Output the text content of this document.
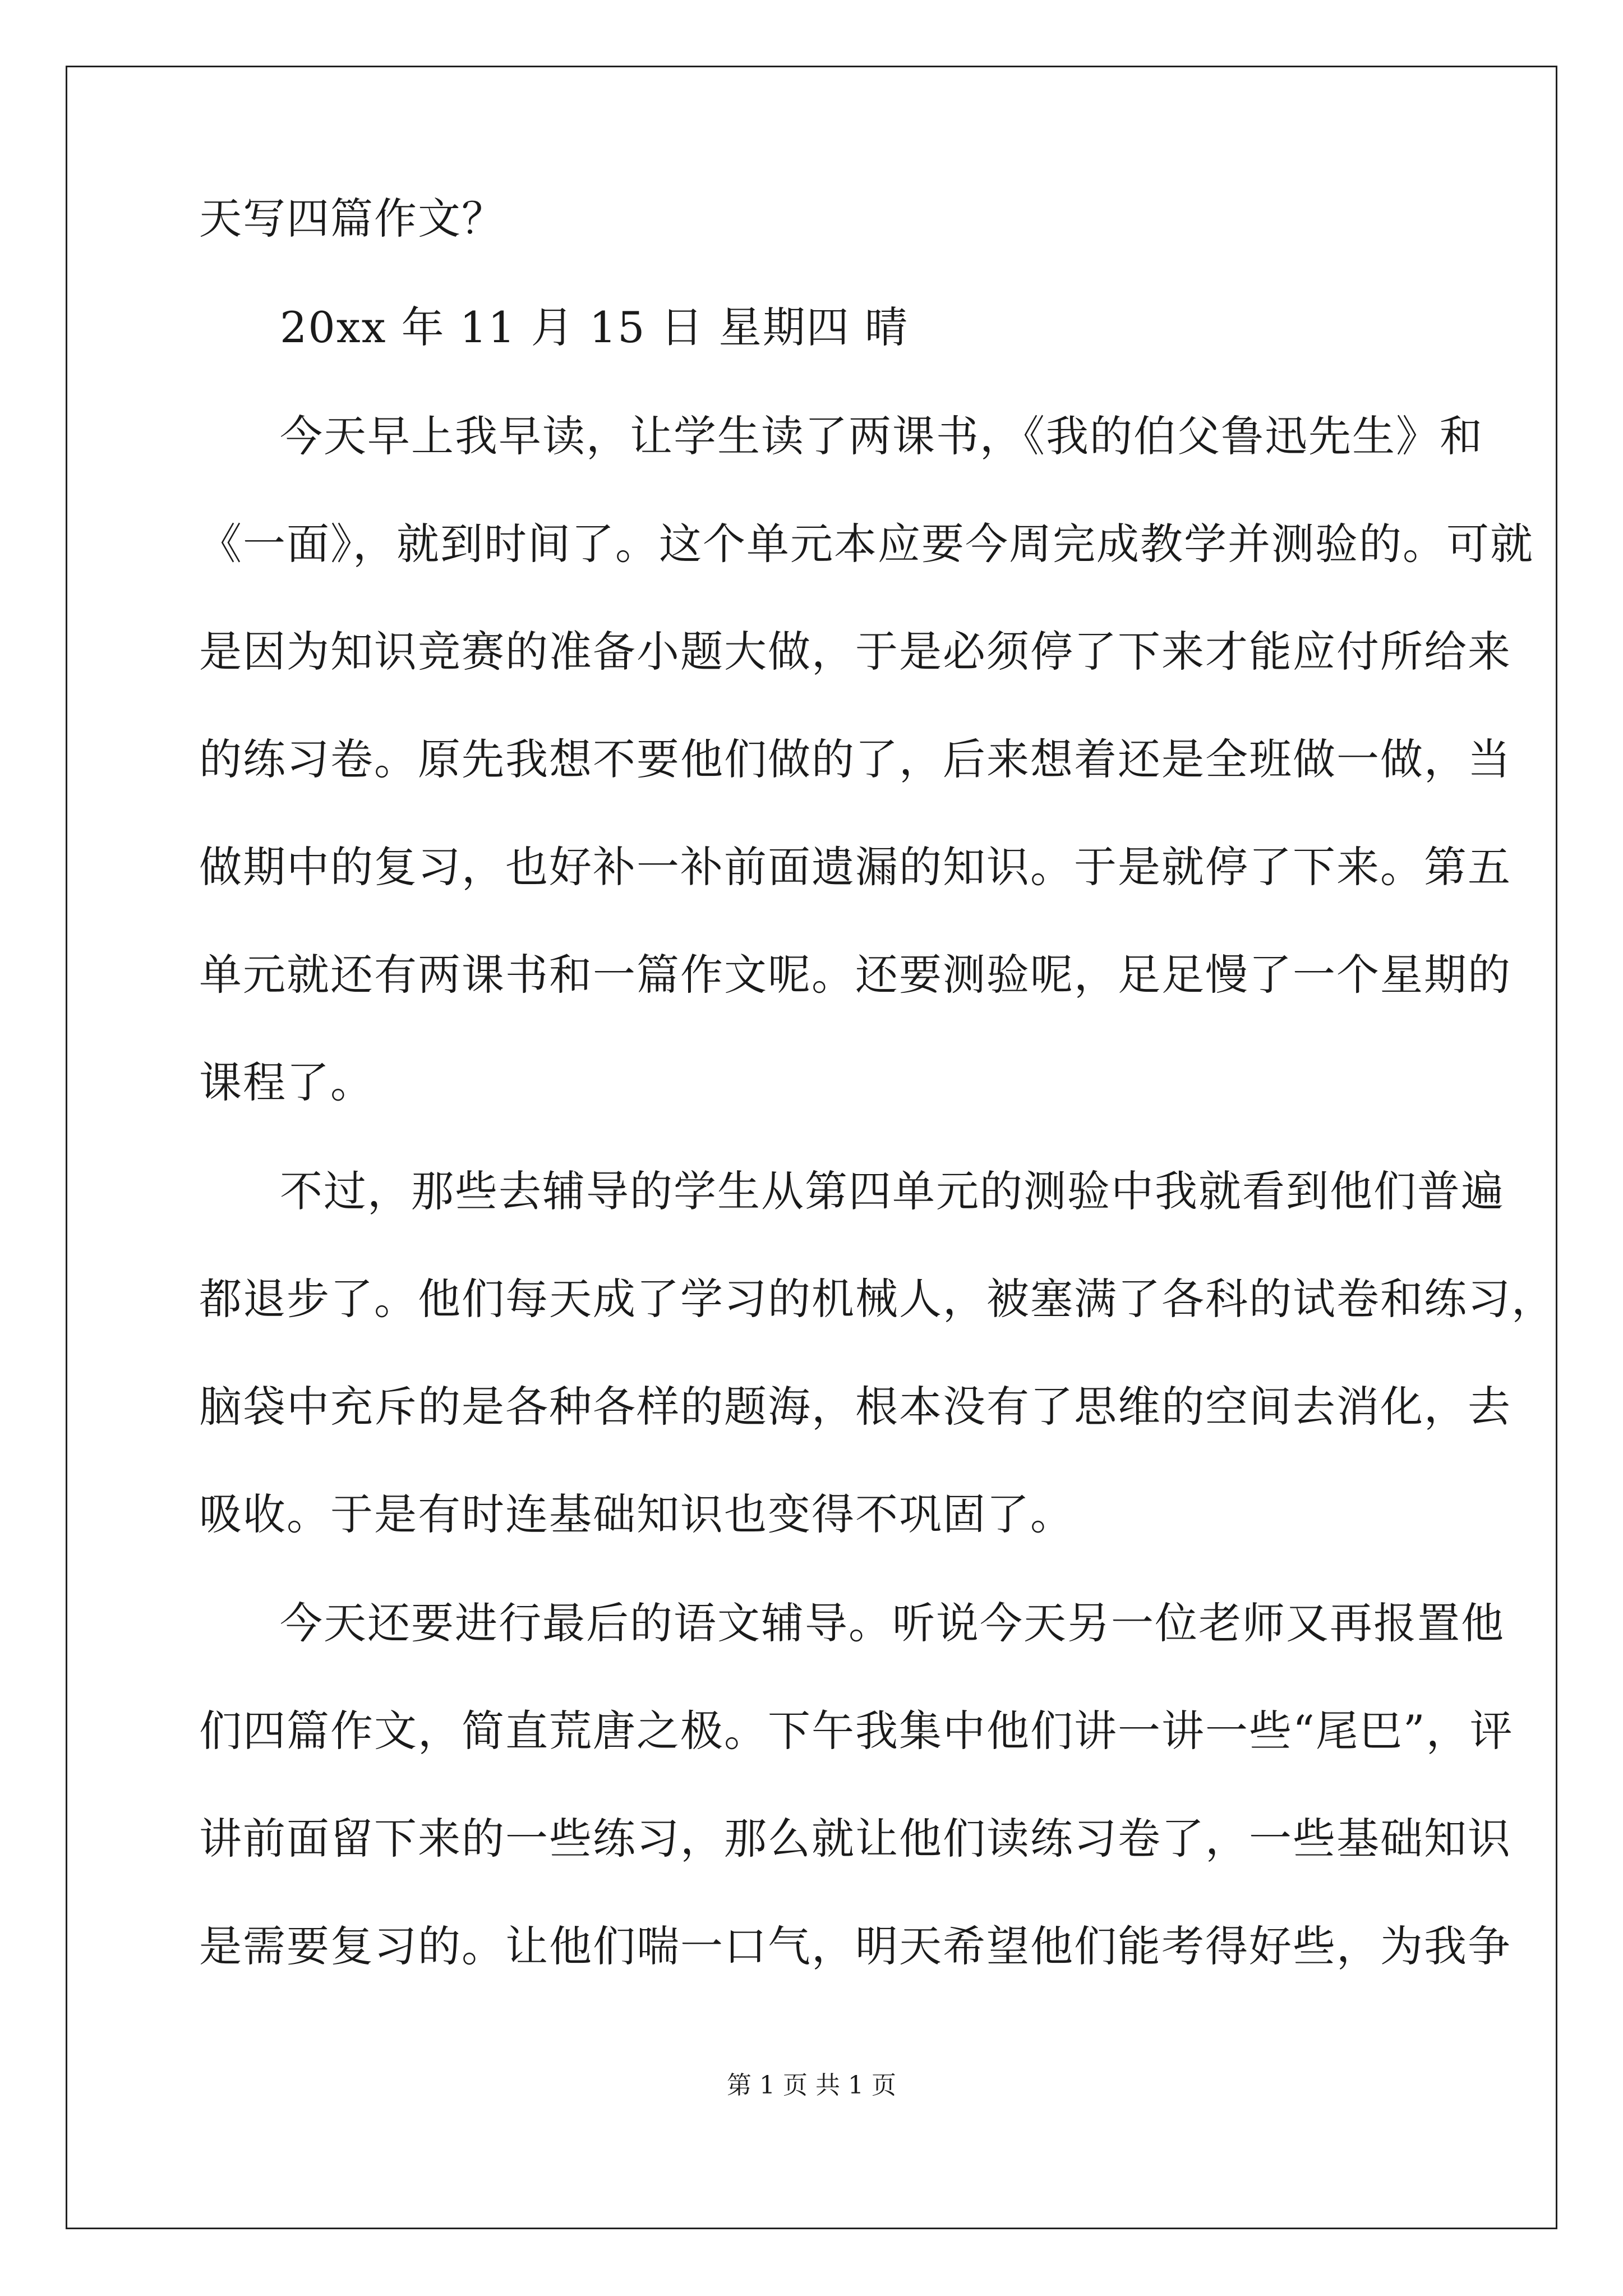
天写四篇作文？
20xx 年 11 月 15 日 星期四 晴
今天早上我早读，让学生读了两课书，《我的伯父鲁迅先生》和
《一面》，就到时间了。这个单元本应要今周完成教学并测验的。可就
是因为知识竞赛的准备小题大做，于是必须停了下来才能应付所给来
的练习卷。原先我想不要他们做的了，后来想着还是全班做一做，当
做期中的复习，也好补一补前面遗漏的知识。于是就停了下来。第五
单元就还有两课书和一篇作文呢。还要测验呢，足足慢了一个星期的
课程了。
不过，那些去辅导的学生从第四单元的测验中我就看到他们普遍
都退步了。他们每天成了学习的机械人，被塞满了各科的试卷和练习，
脑袋中充斥的是各种各样的题海，根本没有了思维的空间去消化，去
吸收。于是有时连基础知识也变得不巩固了。
今天还要进行最后的语文辅导。听说今天另一位老师又再报置他
们四篇作文，简直荒唐之极。下午我集中他们讲一讲一些“尾巴”，评
讲前面留下来的一些练习，那么就让他们读练习卷了，一些基础知识
是需要复习的。让他们喘一口气，明天希望他们能考得好些，为我争
第 1 页 共 1 页
